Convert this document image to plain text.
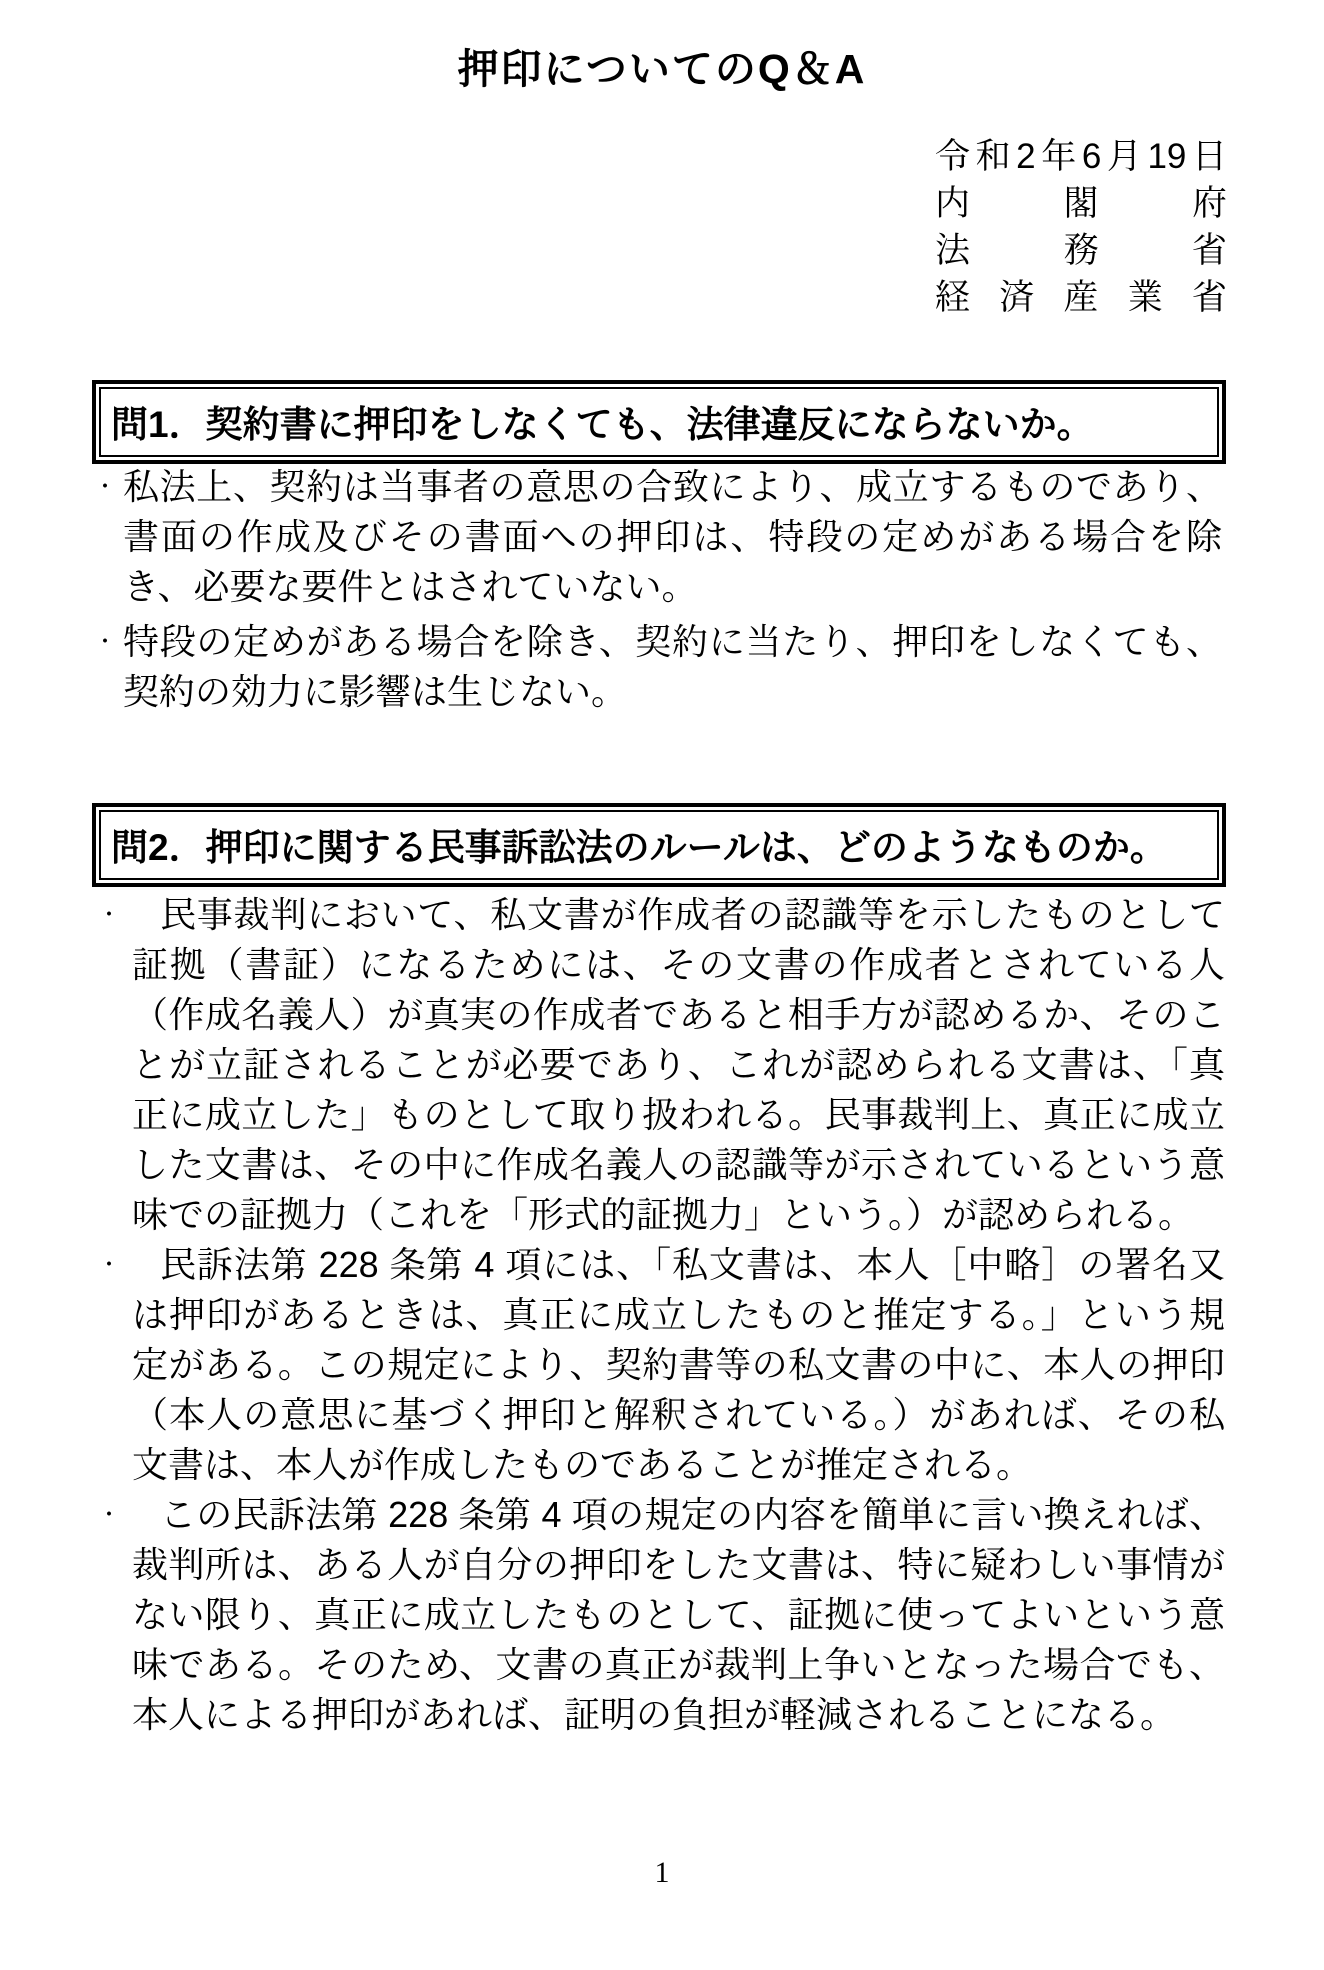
押印についてのQ＆A
令和2年6月19日
内閣府
法務省
経済産業省
問1．契約書に押印をしなくても、法律違反にならないか。
・ 私法上、契約は当事者の意思の合致により、成立するものであり、書面の作成及びその書面への押印は、特段の定めがある場合を除き、必要な要件とはされていない。
・ 特段の定めがある場合を除き、契約に当たり、押印をしなくても、契約の効力に影響は生じない。
問2．押印に関する民事訴訟法のルールは、どのようなものか。
・ 民事裁判において、私文書が作成者の認識等を示したものとして証拠（書証）になるためには、その文書の作成者とされている人（作成名義人）が真実の作成者であると相手方が認めるか、そのことが立証されることが必要であり、これが認められる文書は、「真正に成立した」ものとして取り扱われる。民事裁判上、真正に成立した文書は、その中に作成名義人の認識等が示されているという意味での証拠力（これを「形式的証拠力」という。）が認められる。
・ 民訴法第 228 条第 4 項には、「私文書は、本人［中略］の署名又は押印があるときは、真正に成立したものと推定する。」という規定がある。この規定により、契約書等の私文書の中に、本人の押印（本人の意思に基づく押印と解釈されている。）があれば、その私文書は、本人が作成したものであることが推定される。
・ この民訴法第 228 条第 4 項の規定の内容を簡単に言い換えれば、裁判所は、ある人が自分の押印をした文書は、特に疑わしい事情がない限り、真正に成立したものとして、証拠に使ってよいという意味である。そのため、文書の真正が裁判上争いとなった場合でも、本人による押印があれば、証明の負担が軽減されることになる。
1
